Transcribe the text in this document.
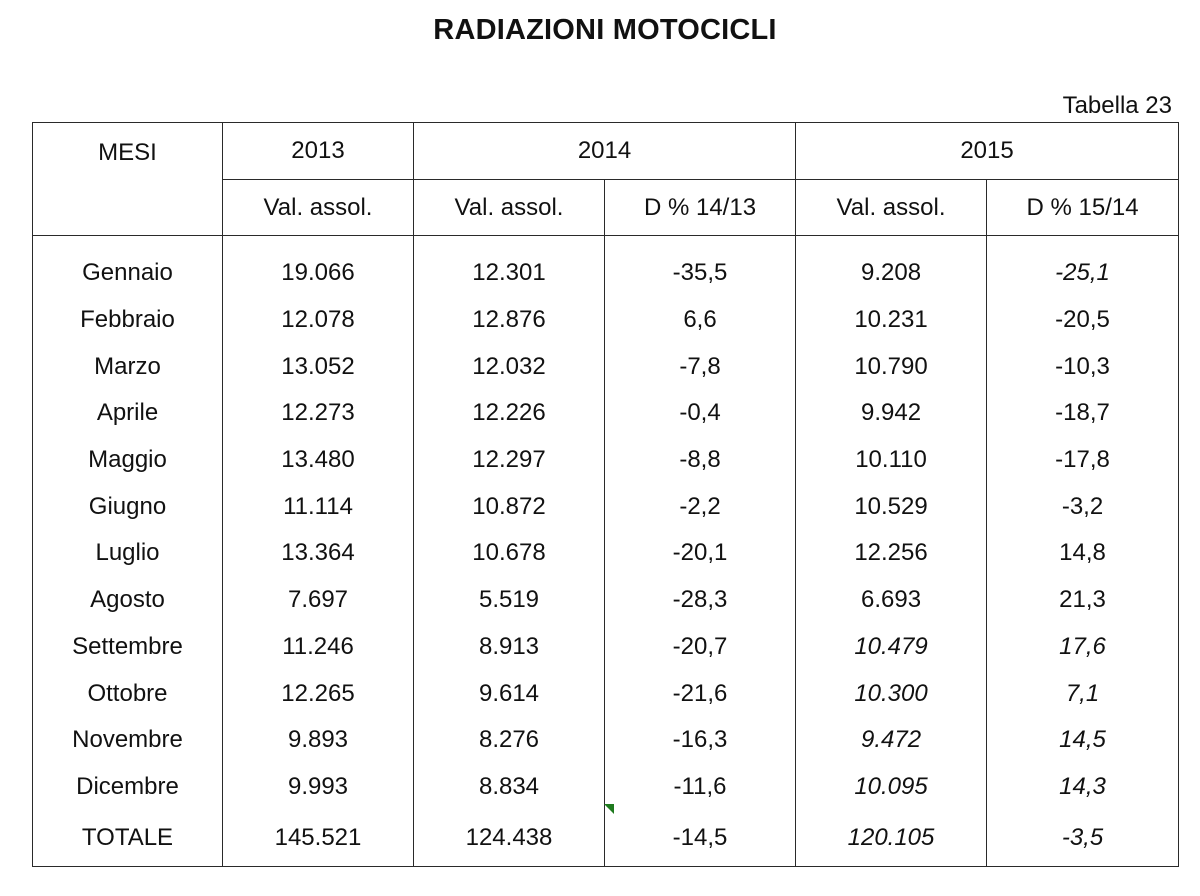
RADIAZIONI MOTOCICLI
Tabella 23
MESI	2013	2014		2015	
	Val. assol.	Val. assol.	D % 14/13	Val. assol.	D % 15/14

Gennaio	19.066	12.301	-35,5	9.208	-25,1
Febbraio	12.078	12.876	6,6	10.231	-20,5
Marzo	13.052	12.032	-7,8	10.790	-10,3
Aprile	12.273	12.226	-0,4	9.942	-18,7
Maggio	13.480	12.297	-8,8	10.110	-17,8
Giugno	11.114	10.872	-2,2	10.529	-3,2
Luglio	13.364	10.678	-20,1	12.256	14,8
Agosto	7.697	5.519	-28,3	6.693	21,3
Settembre	11.246	8.913	-20,7	10.479	17,6
Ottobre	12.265	9.614	-21,6	10.300	7,1
Novembre	9.893	8.276	-16,3	9.472	14,5
Dicembre	9.993	8.834	-11,6	10.095	14,3
TOTALE	145.521	124.438	-14,5	120.105	-3,5
